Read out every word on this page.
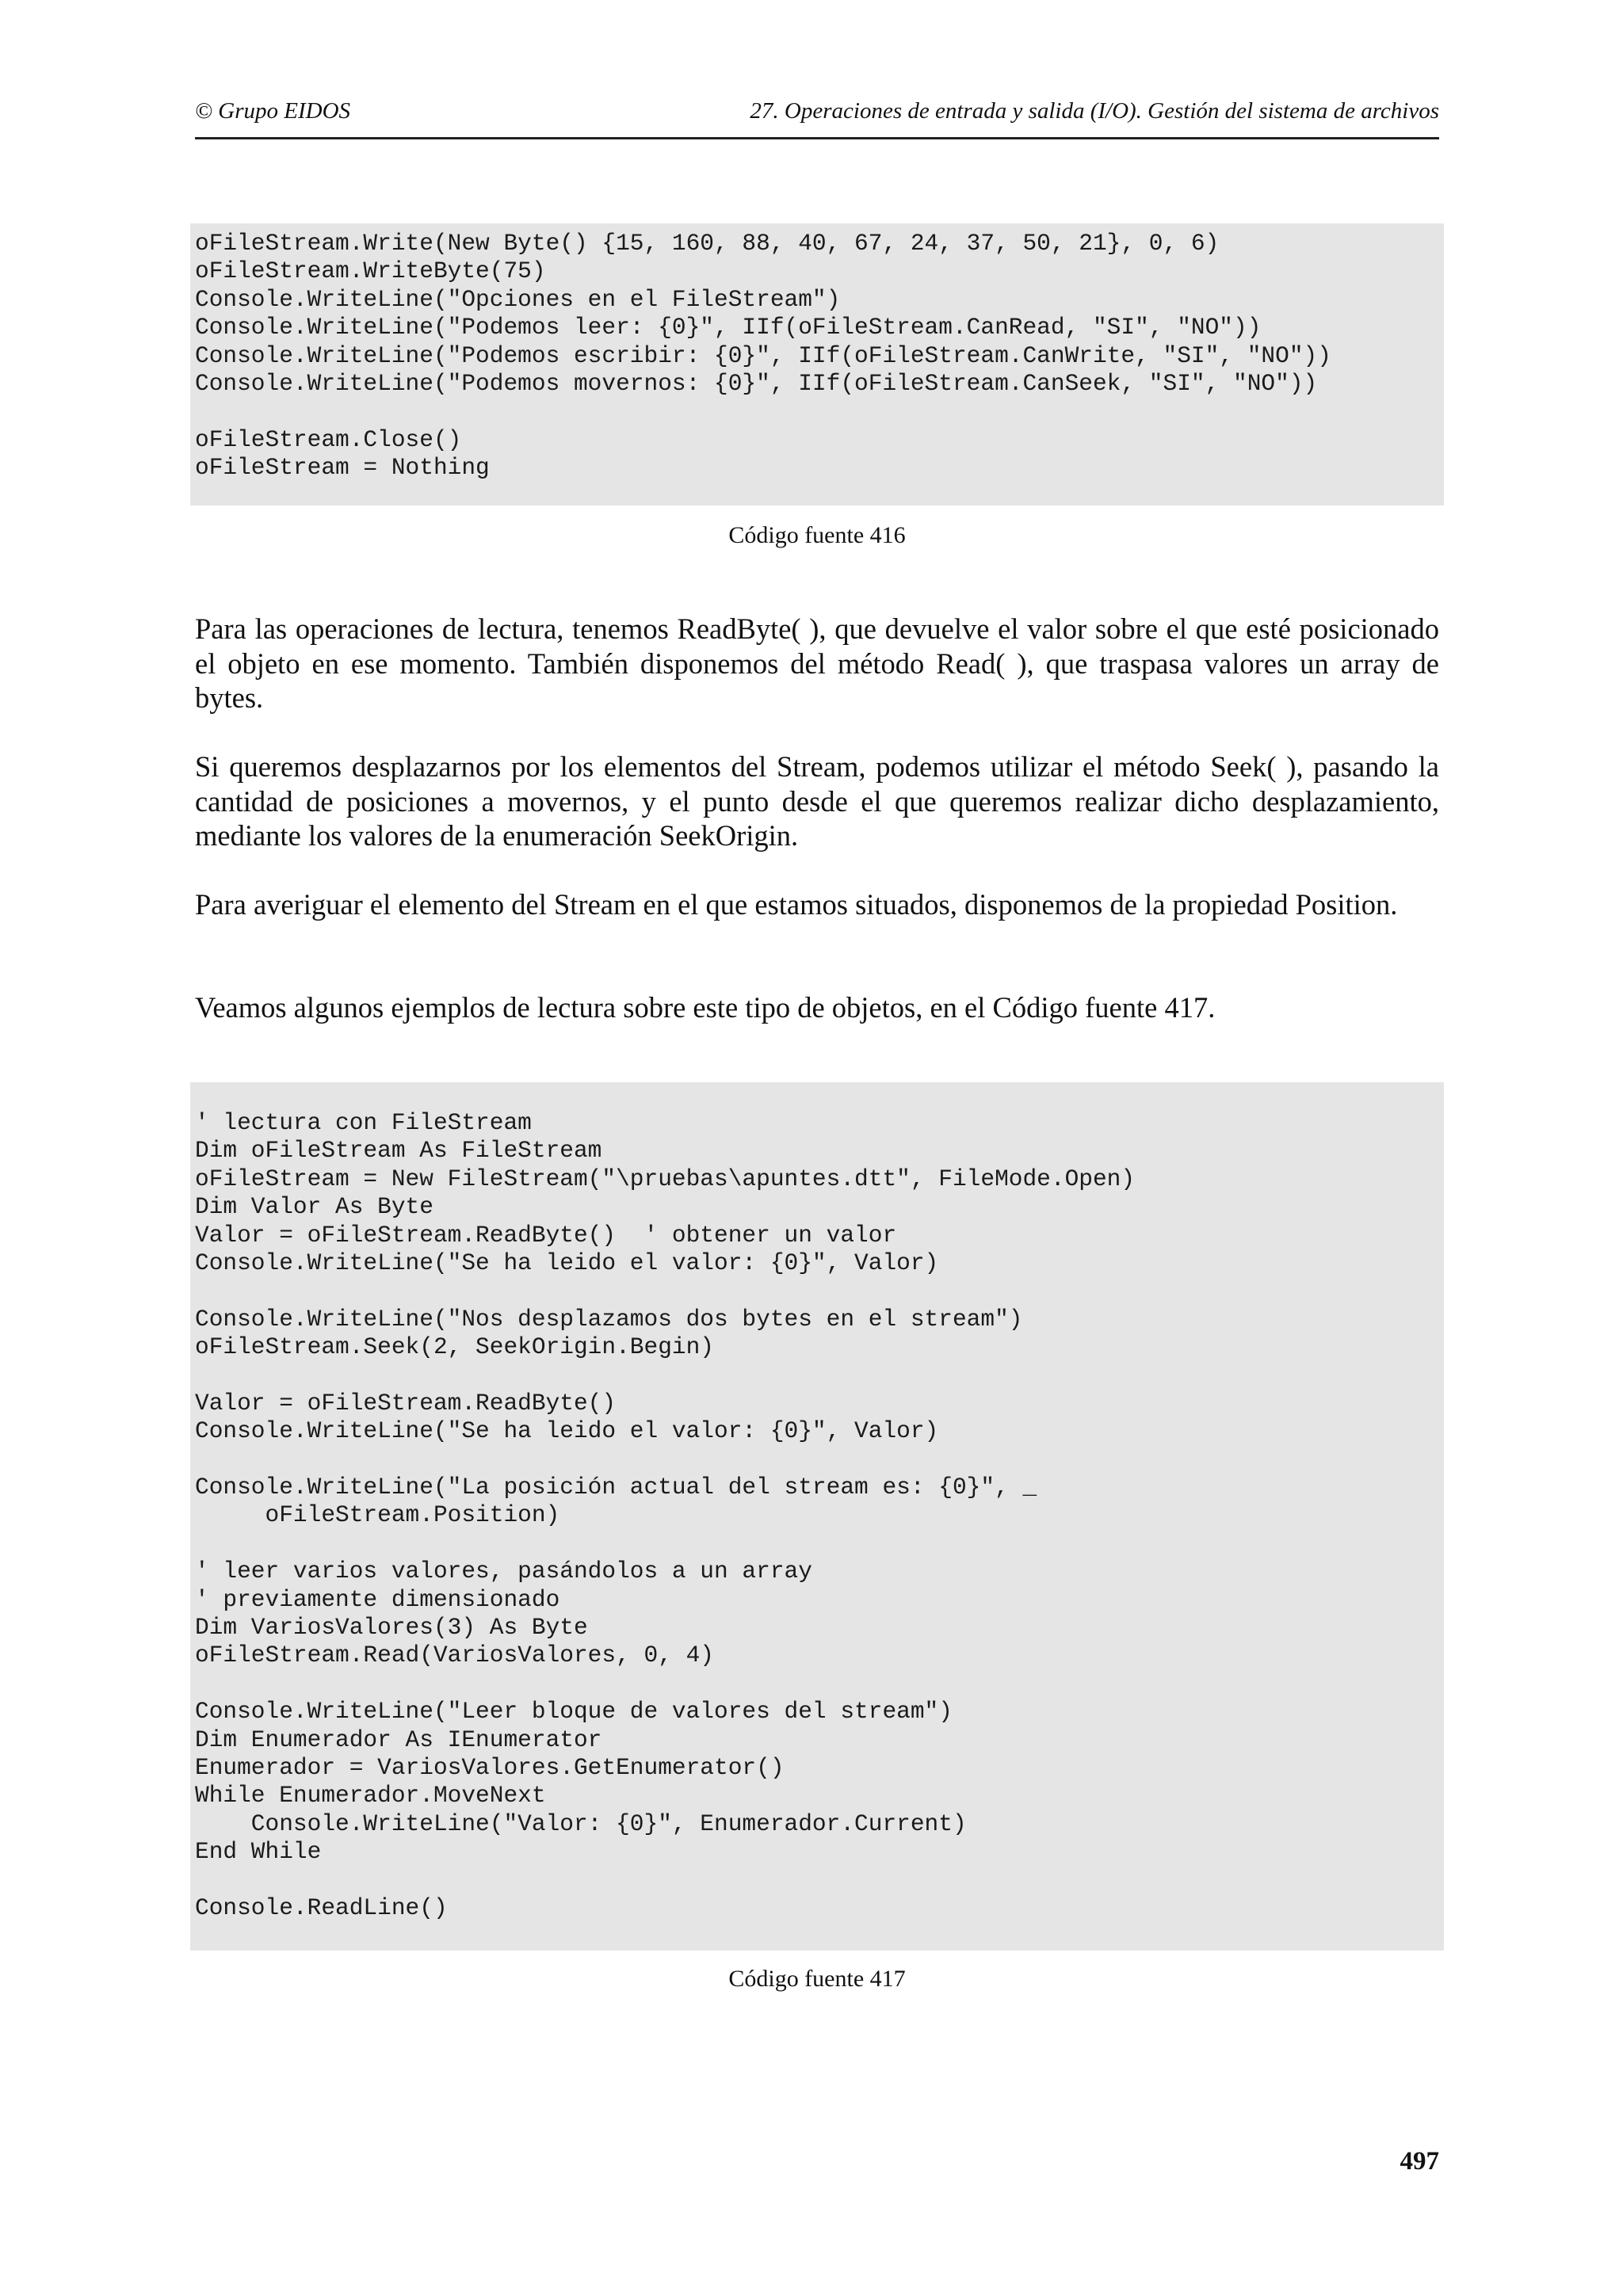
© Grupo EIDOS	27. Operaciones de entrada y salida (I/O). Gestión del sistema de archivos
oFileStream.Write(New Byte() {15, 160, 88, 40, 67, 24, 37, 50, 21}, 0, 6)
oFileStream.WriteByte(75)
Console.WriteLine("Opciones en el FileStream")
Console.WriteLine("Podemos leer: {0}", IIf(oFileStream.CanRead, "SI", "NO"))
Console.WriteLine("Podemos escribir: {0}", IIf(oFileStream.CanWrite, "SI", "NO"))
Console.WriteLine("Podemos movernos: {0}", IIf(oFileStream.CanSeek, "SI", "NO"))
oFileStream.Close()
oFileStream = Nothing
Código fuente 416

Para las operaciones de lectura, tenemos ReadByte( ), que devuelve el valor sobre el que esté posicionado el objeto en ese momento. También disponemos del método Read( ), que traspasa valores un array de bytes.

Si queremos desplazarnos por los elementos del Stream, podemos utilizar el método Seek( ), pasando la cantidad de posiciones a movernos, y el punto desde el que queremos realizar dicho desplazamiento, mediante los valores de la enumeración SeekOrigin.

Para averiguar el elemento del Stream en el que estamos situados, disponemos de la propiedad Position.

Veamos algunos ejemplos de lectura sobre este tipo de objetos, en el Código fuente 417.

' lectura con FileStream
Dim oFileStream As FileStream
oFileStream = New FileStream("\pruebas\apuntes.dtt", FileMode.Open)
Dim Valor As Byte
Valor = oFileStream.ReadByte()  ' obtener un valor
Console.WriteLine("Se ha leido el valor: {0}", Valor)
Console.WriteLine("Nos desplazamos dos bytes en el stream")
oFileStream.Seek(2, SeekOrigin.Begin)
Valor = oFileStream.ReadByte()
Console.WriteLine("Se ha leido el valor: {0}", Valor)
Console.WriteLine("La posición actual del stream es: {0}", _
oFileStream.Position)
' leer varios valores, pasándolos a un array
' previamente dimensionado
Dim VariosValores(3) As Byte
oFileStream.Read(VariosValores, 0, 4)
Console.WriteLine("Leer bloque de valores del stream")
Dim Enumerador As IEnumerator
Enumerador = VariosValores.GetEnumerator()
While Enumerador.MoveNext
Console.WriteLine("Valor: {0}", Enumerador.Current)
End While
Console.ReadLine()
Código fuente 417
497
